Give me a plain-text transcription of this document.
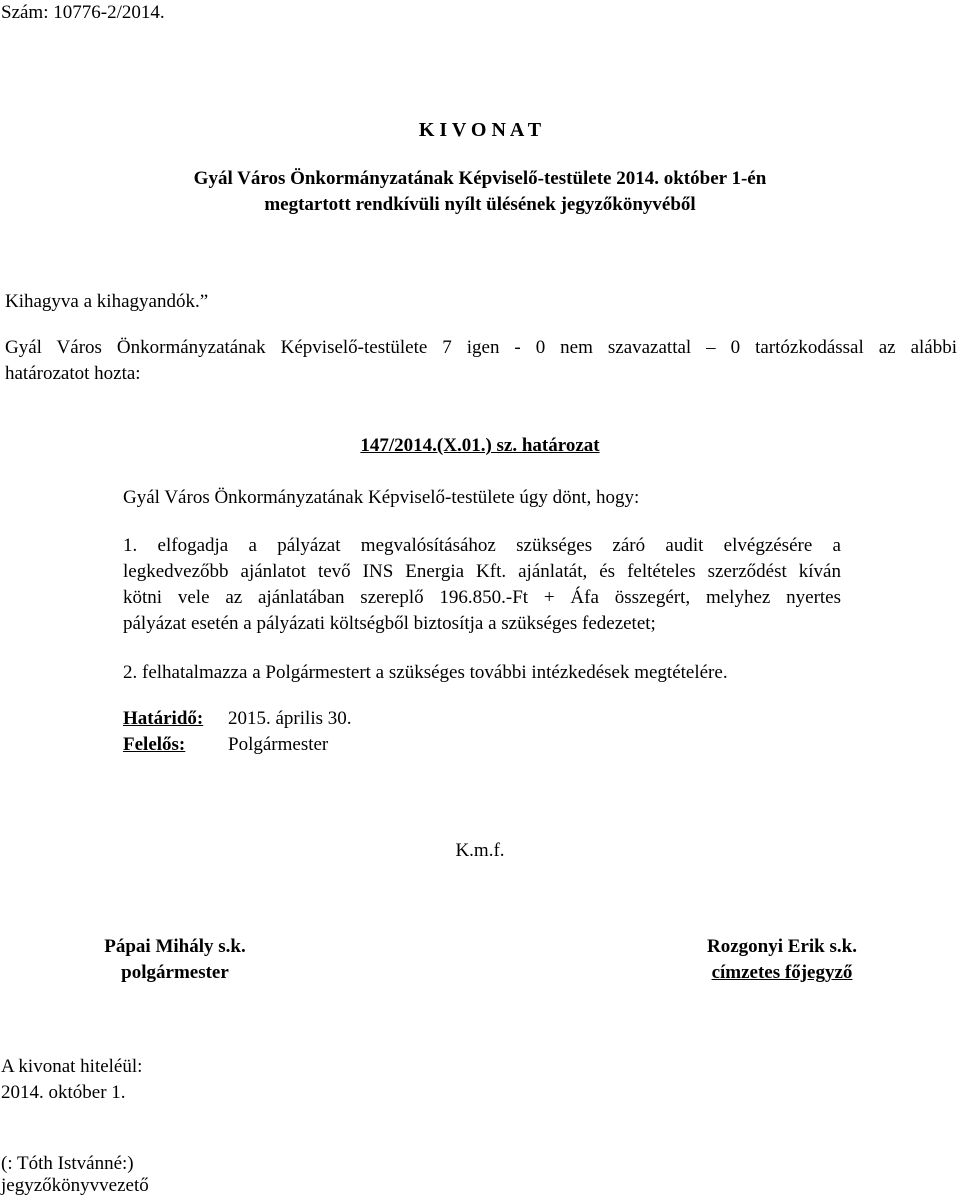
Szám: 10776-2/2014.
K I V O N A T
Gyál Város Önkormányzatának Képviselő-testülete 2014. október 1-én
megtartott rendkívüli nyílt ülésének jegyzőkönyvéből
Kihagyva a kihagyandók.”
Gyál Város Önkormányzatának Képviselő-testülete 7 igen - 0 nem szavazattal – 0 tartózkodással az alábbi
határozatot hozta:
147/2014.(X.01.) sz. határozat
Gyál Város Önkormányzatának Képviselő-testülete úgy dönt, hogy:
1. elfogadja a pályázat megvalósításához szükséges záró audit elvégzésére a
legkedvezőbb ajánlatot tevő INS Energia Kft. ajánlatát, és feltételes szerződést kíván
kötni vele az ajánlatában szereplő 196.850.-Ft + Áfa összegért, melyhez nyertes
pályázat esetén a pályázati költségből biztosítja a szükséges fedezetet;
2. felhatalmazza a Polgármestert a szükséges további intézkedések megtételére.
Határidő: 2015. április 30.
Felelős: Polgármester
K.m.f.
Pápai Mihály s.k.
polgármester
Rozgonyi Erik s.k.
címzetes főjegyző
A kivonat hiteléül:
2014. október 1.
(: Tóth Istvánné:)
jegyzőkönyvvezető
